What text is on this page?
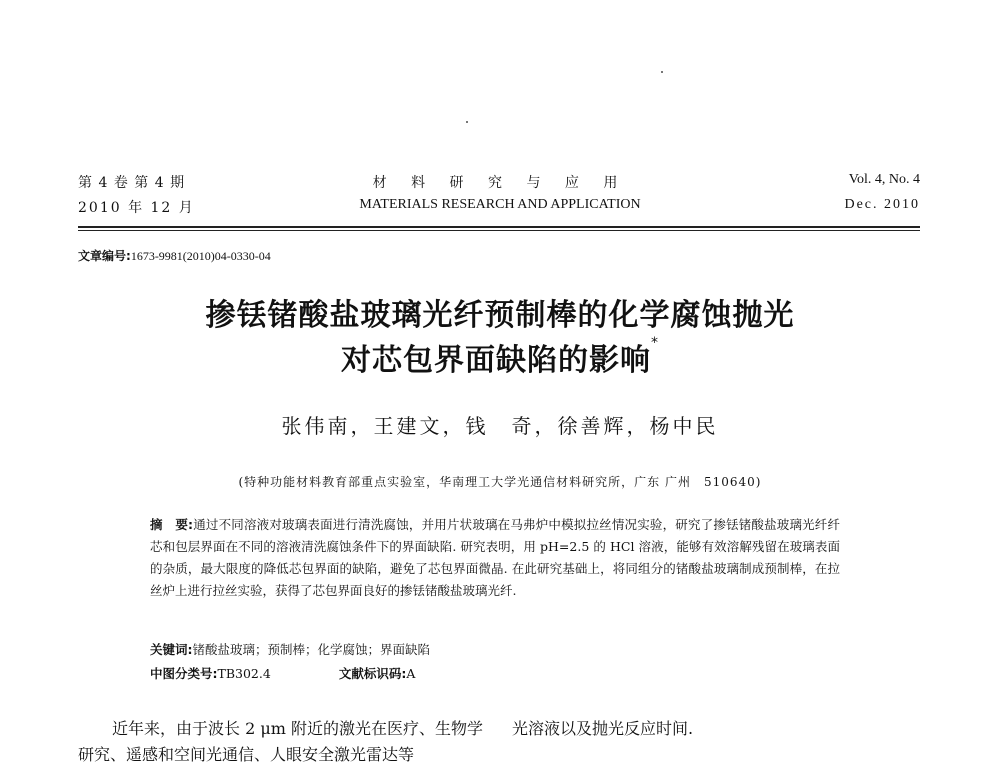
第 4 卷 第 4 期
2010 年 12 月
材 料 研 究 与 应 用
MATERIALS RESEARCH AND APPLICATION
Vol. 4, No. 4
Dec. 2010
文章编号:1673-9981(2010)04-0330-04
掺铥锗酸盐玻璃光纤预制棒的化学腐蚀抛光
对芯包界面缺陷的影响*
张伟南，王建文，钱　奇，徐善辉，杨中民
(特种功能材料教育部重点实验室，华南理工大学光通信材料研究所，广东 广州　510640)
摘　要:通过不同溶液对玻璃表面进行清洗腐蚀，并用片状玻璃在马弗炉中模拟拉丝情况实验，研究了掺铥锗酸盐玻璃光纤纤芯和包层界面在不同的溶液清洗腐蚀条件下的界面缺陷. 研究表明，用 pH=2.5 的 HCl 溶液，能够有效溶解残留在玻璃表面的杂质，最大限度的降低芯包界面的缺陷，避免了芯包界面微晶. 在此研究基础上，将同组分的锗酸盐玻璃制成预制棒，在拉丝炉上进行拉丝实验，获得了芯包界面良好的掺铥锗酸盐玻璃光纤.
关键词:锗酸盐玻璃；预制棒；化学腐蚀；界面缺陷
中图分类号:TB302.4	文献标识码:A
近年来，由于波长 2 μm 附近的激光在医疗、生物学研究、遥感和空间光通信、人眼安全激光雷达等
光溶液以及抛光反应时间.
